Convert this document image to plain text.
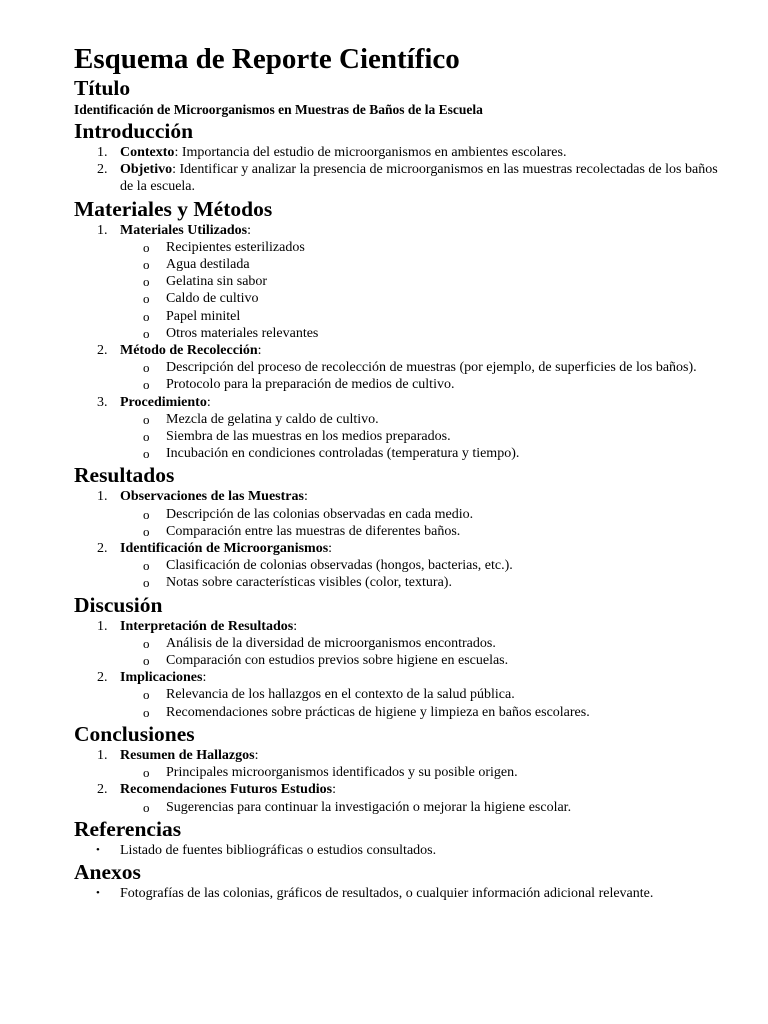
Esquema de Reporte Científico
Título
Identificación de Microorganismos en Muestras de Baños de la Escuela
Introducción
1. Contexto: Importancia del estudio de microorganismos en ambientes escolares.
2. Objetivo: Identificar y analizar la presencia de microorganismos en las muestras recolectadas de los baños de la escuela.
Materiales y Métodos
1. Materiales Utilizados:
o Recipientes esterilizados
o Agua destilada
o Gelatina sin sabor
o Caldo de cultivo
o Papel minitel
o Otros materiales relevantes
2. Método de Recolección:
o Descripción del proceso de recolección de muestras (por ejemplo, de superficies de los baños).
o Protocolo para la preparación de medios de cultivo.
3. Procedimiento:
o Mezcla de gelatina y caldo de cultivo.
o Siembra de las muestras en los medios preparados.
o Incubación en condiciones controladas (temperatura y tiempo).
Resultados
1. Observaciones de las Muestras:
o Descripción de las colonias observadas en cada medio.
o Comparación entre las muestras de diferentes baños.
2. Identificación de Microorganismos:
o Clasificación de colonias observadas (hongos, bacterias, etc.).
o Notas sobre características visibles (color, textura).
Discusión
1. Interpretación de Resultados:
o Análisis de la diversidad de microorganismos encontrados.
o Comparación con estudios previos sobre higiene en escuelas.
2. Implicaciones:
o Relevancia de los hallazgos en el contexto de la salud pública.
o Recomendaciones sobre prácticas de higiene y limpieza en baños escolares.
Conclusiones
1. Resumen de Hallazgos:
o Principales microorganismos identificados y su posible origen.
2. Recomendaciones Futuros Estudios:
o Sugerencias para continuar la investigación o mejorar la higiene escolar.
Referencias
• Listado de fuentes bibliográficas o estudios consultados.
Anexos
• Fotografías de las colonias, gráficos de resultados, o cualquier información adicional relevante.
